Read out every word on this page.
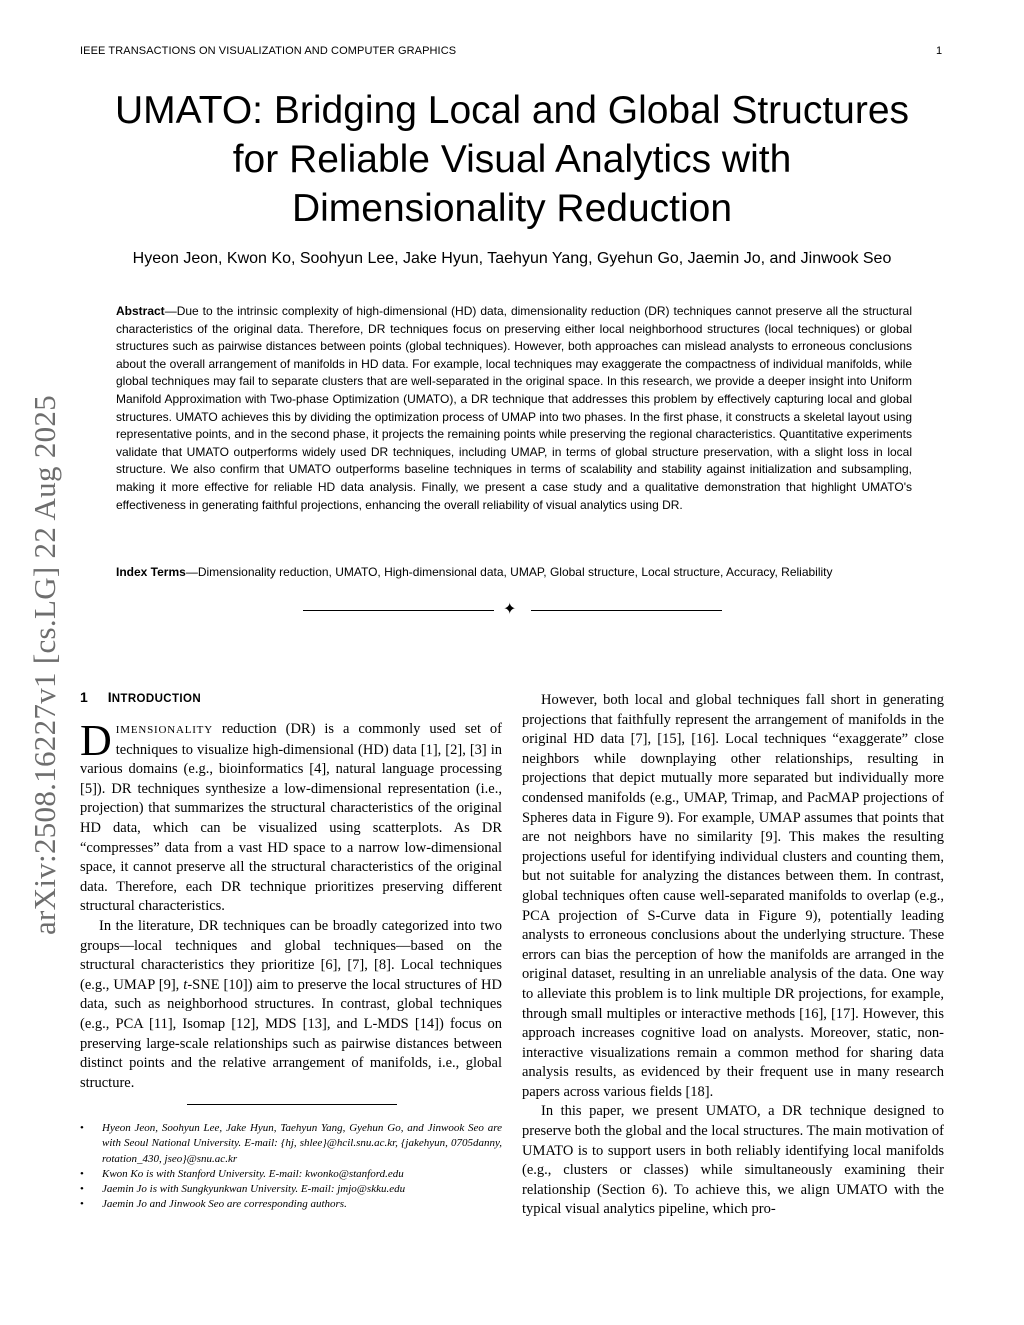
IEEE TRANSACTIONS ON VISUALIZATION AND COMPUTER GRAPHICS	1
UMATO: Bridging Local and Global Structures
for Reliable Visual Analytics with
Dimensionality Reduction
Hyeon Jeon, Kwon Ko, Soohyun Lee, Jake Hyun, Taehyun Yang, Gyehun Go, Jaemin Jo, and Jinwook Seo

Abstract—Due to the intrinsic complexity of high-dimensional (HD) data, dimensionality reduction (DR) techniques cannot preserve all the structural characteristics of the original data. Therefore, DR techniques focus on preserving either local neighborhood structures (local techniques) or global structures such as pairwise distances between points (global techniques). However, both approaches can mislead analysts to erroneous conclusions about the overall arrangement of manifolds in HD data. For example, local techniques may exaggerate the compactness of individual manifolds, while global techniques may fail to separate clusters that are well-separated in the original space. In this research, we provide a deeper insight into Uniform Manifold Approximation with Two-phase Optimization (UMATO), a DR technique that addresses this problem by effectively capturing local and global structures. UMATO achieves this by dividing the optimization process of UMAP into two phases. In the first phase, it constructs a skeletal layout using representative points, and in the second phase, it projects the remaining points while preserving the regional characteristics. Quantitative experiments validate that UMATO outperforms widely used DR techniques, including UMAP, in terms of global structure preservation, with a slight loss in local structure. We also confirm that UMATO outperforms baseline techniques in terms of scalability and stability against initialization and subsampling, making it more effective for reliable HD data analysis. Finally, we present a case study and a qualitative demonstration that highlight UMATO's effectiveness in generating faithful projections, enhancing the overall reliability of visual analytics using DR.

Index Terms—Dimensionality reduction, UMATO, High-dimensional data, UMAP, Global structure, Local structure, Accuracy, Reliability

✦
arXiv:2508.16227v1 [cs.LG] 22 Aug 2025 1 INTRODUCTION

DIMENSIONALITY reduction (DR) is a commonly used set of techniques to visualize high-dimensional (HD) data [1], [2], [3] in various domains (e.g., bioinformatics [4], natural language processing [5]). DR techniques synthesize a low-dimensional representation (i.e., projection) that summarizes the structural characteristics of the original HD data, which can be visualized using scatterplots. As DR “compresses” data from a vast HD space to a narrow low-dimensional space, it cannot preserve all the structural characteristics of the original data. Therefore, each DR technique prioritizes preserving different structural characteristics.

In the literature, DR techniques can be broadly categorized into two groups—local techniques and global techniques—based on the structural characteristics they prioritize [6], [7], [8]. Local techniques (e.g., UMAP [9], t-SNE [10]) aim to preserve the local structures of HD data, such as neighborhood structures. In contrast, global techniques (e.g., PCA [11], Isomap [12], MDS [13], and L-MDS [14]) focus on preserving large-scale relationships such as pairwise distances between distinct points and the relative arrangement of manifolds, i.e., global structure.

• Hyeon Jeon, Soohyun Lee, Jake Hyun, Taehyun Yang, Gyehun Go, and Jinwook Seo are with Seoul National University. E-mail: {hj, shlee}@hcil.snu.ac.kr, {jakehyun, 0705danny, rotation_430, jseo}@snu.ac.kr
• Kwon Ko is with Stanford University. E-mail: kwonko@stanford.edu
• Jaemin Jo is with Sungkyunkwan University. E-mail: jmjo@skku.edu
• Jaemin Jo and Jinwook Seo are corresponding authors.

However, both local and global techniques fall short in generating projections that faithfully represent the arrangement of manifolds in the original HD data [7], [15], [16]. Local techniques “exaggerate” close neighbors while downplaying other relationships, resulting in projections that depict mutually more separated but individually more condensed manifolds (e.g., UMAP, Trimap, and PacMAP projections of Spheres data in Figure 9). For example, UMAP assumes that points that are not neighbors have no similarity [9]. This makes the resulting projections useful for identifying individual clusters and counting them, but not suitable for analyzing the distances between them. In contrast, global techniques often cause well-separated manifolds to overlap (e.g., PCA projection of S-Curve data in Figure 9), potentially leading analysts to erroneous conclusions about the underlying structure. These errors can bias the perception of how the manifolds are arranged in the original dataset, resulting in an unreliable analysis of the data. One way to alleviate this problem is to link multiple DR projections, for example, through small multiples or interactive methods [16], [17]. However, this approach increases cognitive load on analysts. Moreover, static, non-interactive visualizations remain a common method for sharing data analysis results, as evidenced by their frequent use in many research papers across various fields [18].

In this paper, we present UMATO, a DR technique designed to preserve both the global and the local structures. The main motivation of UMATO is to support users in both reliably identifying local manifolds (e.g., clusters or classes) while simultaneously examining their relationship (Section 6). To achieve this, we align UMATO with the typical visual analytics pipeline, which pro-
